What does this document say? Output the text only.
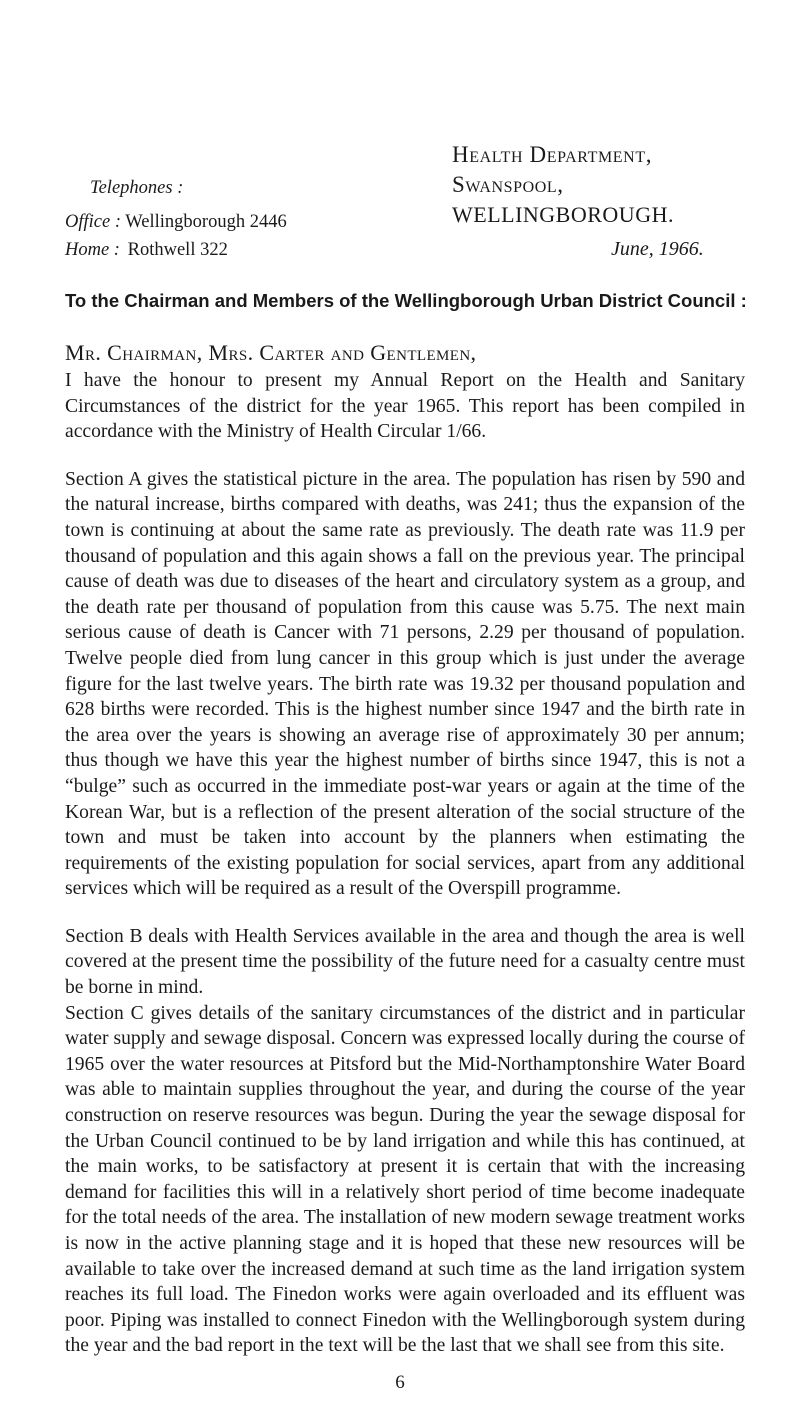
Telephones :
Office : Wellingborough 2446
Home : Rothwell 322
Health Department,
Swanspool,
WELLINGBOROUGH.
June, 1966.
To the Chairman and Members of the Wellingborough Urban District Council :
Mr. Chairman, Mrs. Carter and Gentlemen,

I have the honour to present my Annual Report on the Health and Sanitary Circumstances of the district for the year 1965. This report has been compiled in accordance with the Ministry of Health Circular 1/66.

Section A gives the statistical picture in the area. The population has risen by 590 and the natural increase, births compared with deaths, was 241; thus the expansion of the town is continuing at about the same rate as previously. The death rate was 11.9 per thousand of population and this again shows a fall on the previous year. The principal cause of death was due to diseases of the heart and circulatory system as a group, and the death rate per thousand of population from this cause was 5.75. The next main serious cause of death is Cancer with 71 persons, 2.29 per thousand of population. Twelve people died from lung cancer in this group which is just under the average figure for the last twelve years. The birth rate was 19.32 per thousand population and 628 births were recorded. This is the highest number since 1947 and the birth rate in the area over the years is showing an average rise of approximately 30 per annum; thus though we have this year the highest number of births since 1947, this is not a “bulge” such as occurred in the immediate post-war years or again at the time of the Korean War, but is a reflection of the present alteration of the social structure of the town and must be taken into account by the planners when estimating the requirements of the existing population for social services, apart from any additional services which will be required as a result of the Overspill programme.

Section B deals with Health Services available in the area and though the area is well covered at the present time the possibility of the future need for a casualty centre must be borne in mind.

Section C gives details of the sanitary circumstances of the district and in particular water supply and sewage disposal. Concern was expressed locally during the course of 1965 over the water resources at Pitsford but the Mid-Northamptonshire Water Board was able to maintain supplies throughout the year, and during the course of the year construction on reserve resources was begun. During the year the sewage disposal for the Urban Council continued to be by land irrigation and while this has continued, at the main works, to be satisfactory at present it is certain that with the increasing demand for facilities this will in a relatively short period of time become inadequate for the total needs of the area. The installation of new modern sewage treatment works is now in the active planning stage and it is hoped that these new resources will be available to take over the increased demand at such time as the land irrigation system reaches its full load. The Finedon works were again overloaded and its effluent was poor. Piping was installed to connect Finedon with the Wellingborough system during the year and the bad report in the text will be the last that we shall see from this site.

6
